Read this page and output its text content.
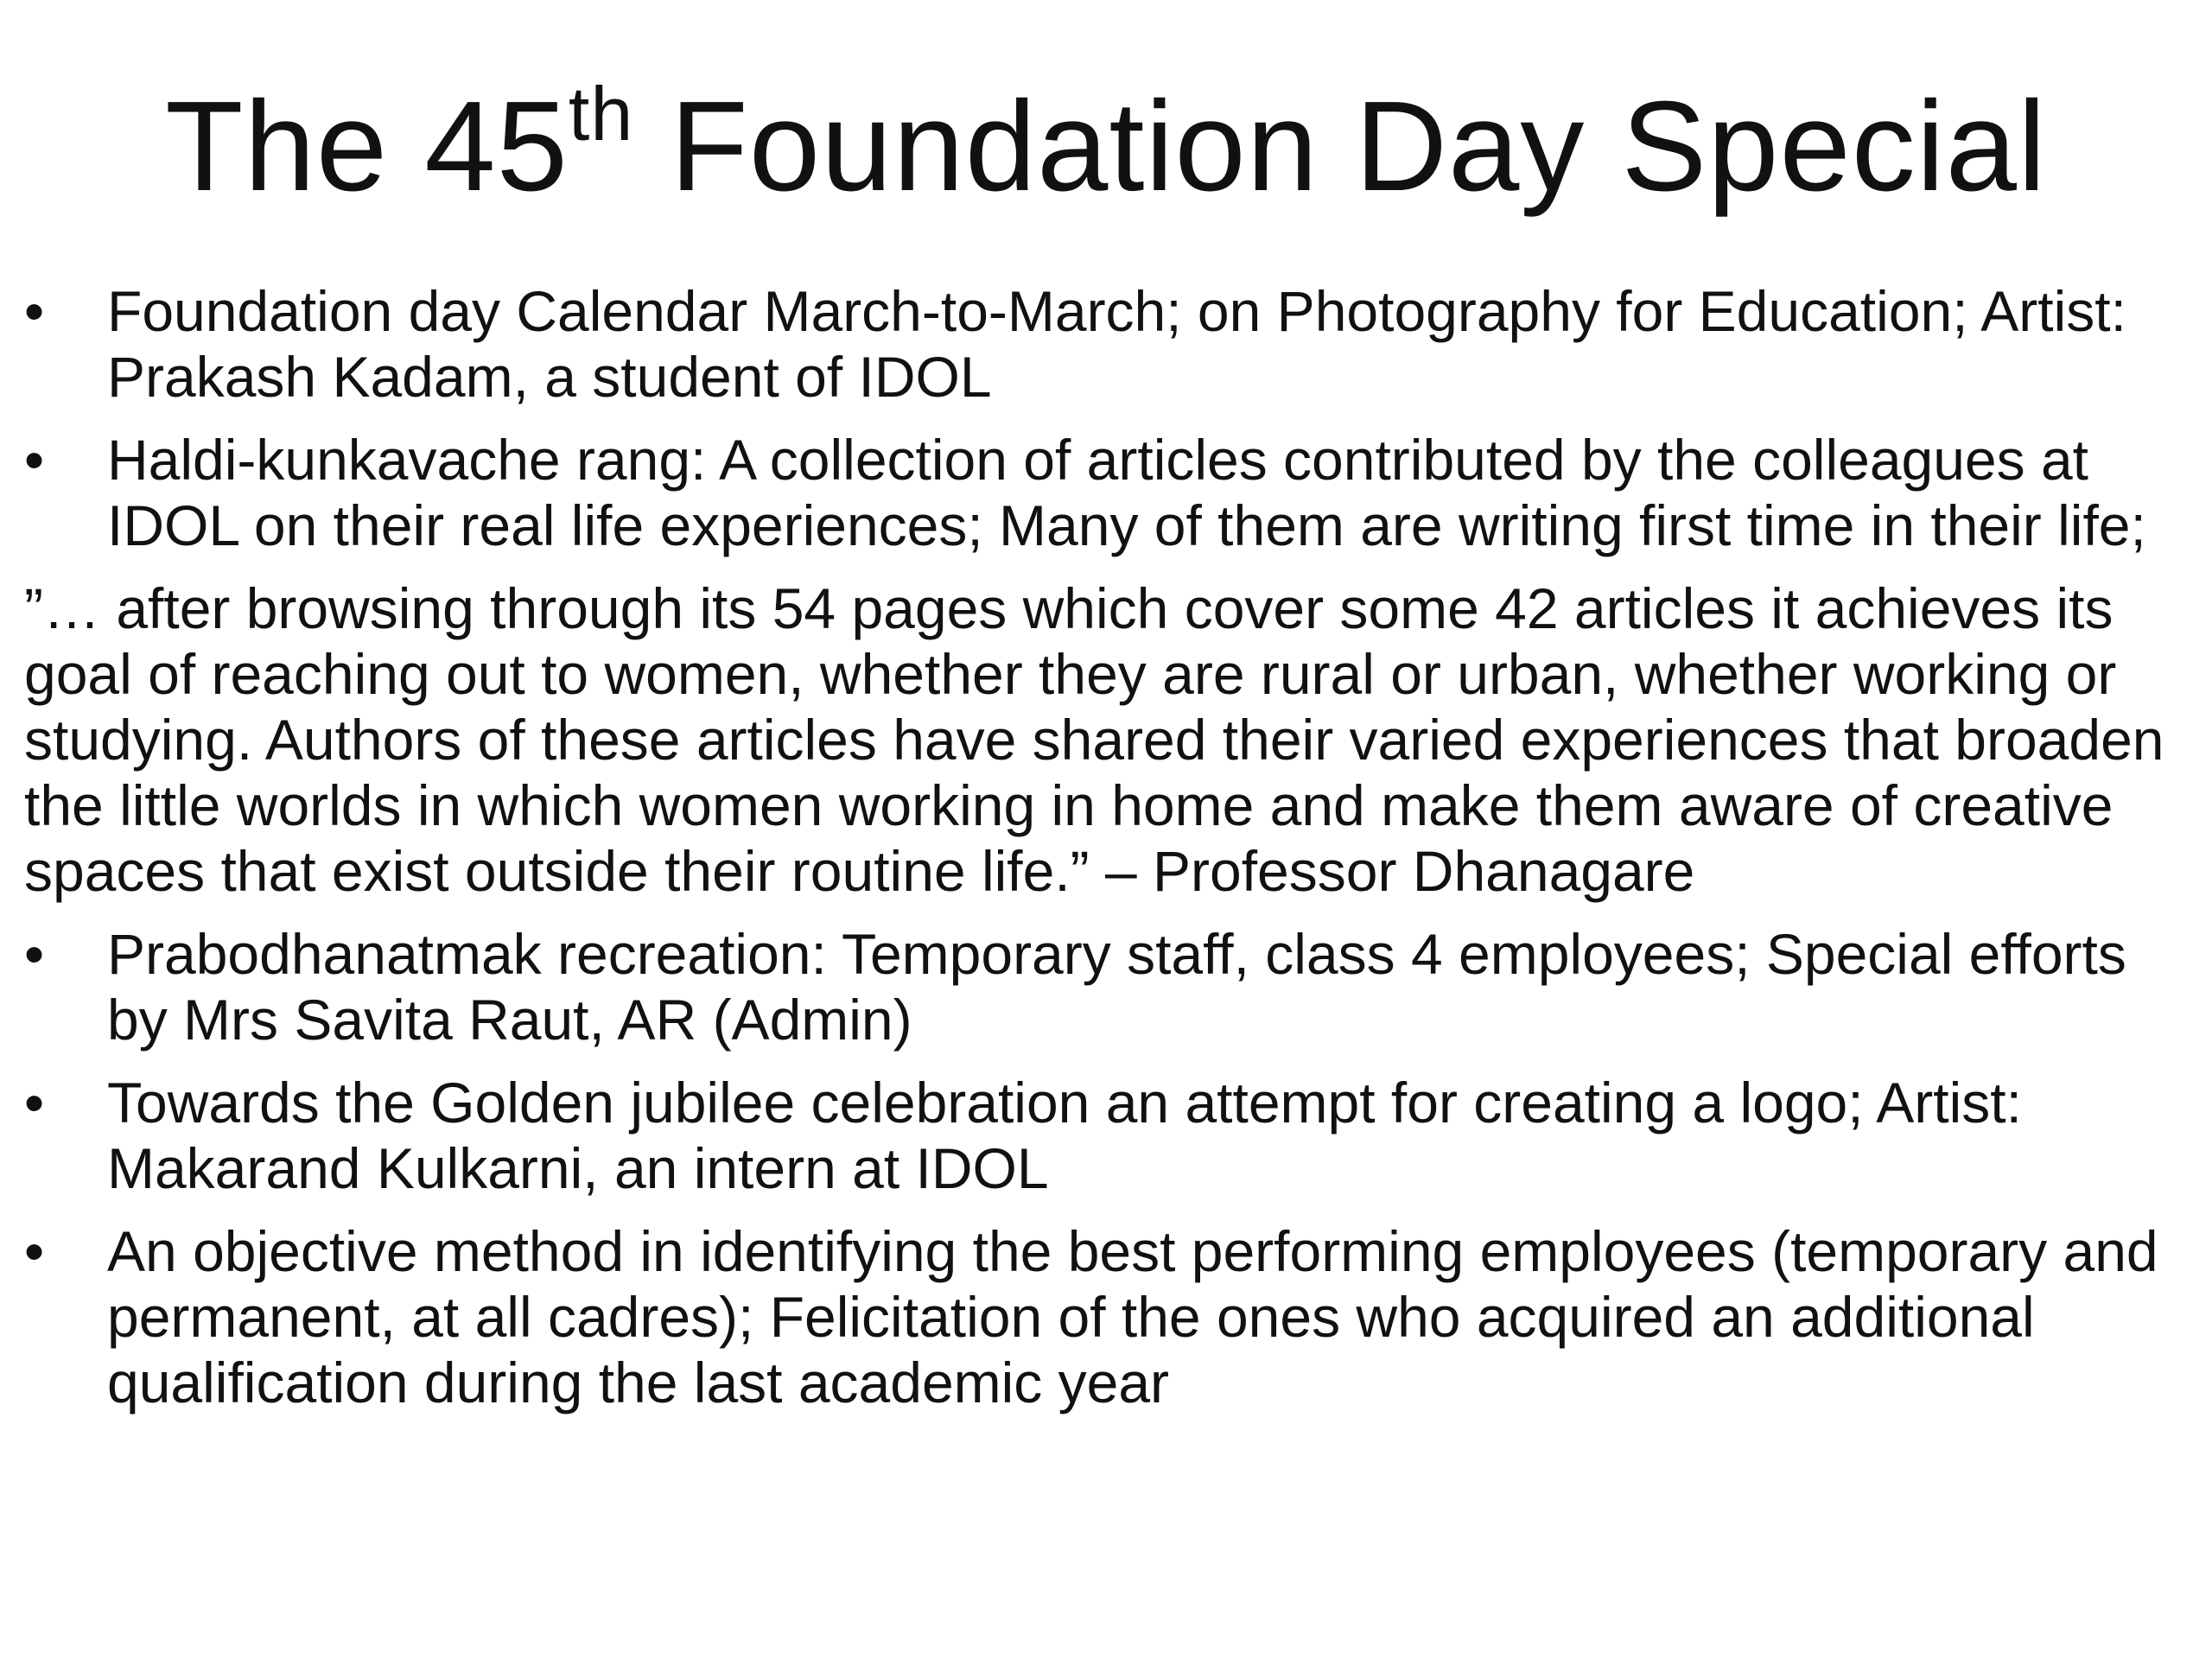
The 45th Foundation Day Special
•	Foundation day Calendar March-to-March; on Photography for Education; Artist: Prakash Kadam, a student of IDOL
•	Haldi-kunkavache rang: A collection of articles contributed by the colleagues at IDOL on their real life experiences; Many of them are writing first time in their life;
”… after browsing through its 54 pages which cover some 42 articles it achieves its goal of reaching out to women, whether they are rural or urban, whether working or studying. Authors of these articles have shared their varied experiences that broaden the little worlds in which women working in home and make them aware of creative spaces that exist outside their routine life.” – Professor Dhanagare
•	Prabodhanatmak recreation: Temporary staff, class 4 employees; Special efforts by Mrs Savita Raut, AR (Admin)
•	Towards the Golden jubilee celebration an attempt for creating a logo; Artist: Makarand Kulkarni, an intern at IDOL
•	An objective method in identifying the best performing employees (temporary and permanent, at all cadres); Felicitation of the ones who acquired an additional qualification during the last academic year
